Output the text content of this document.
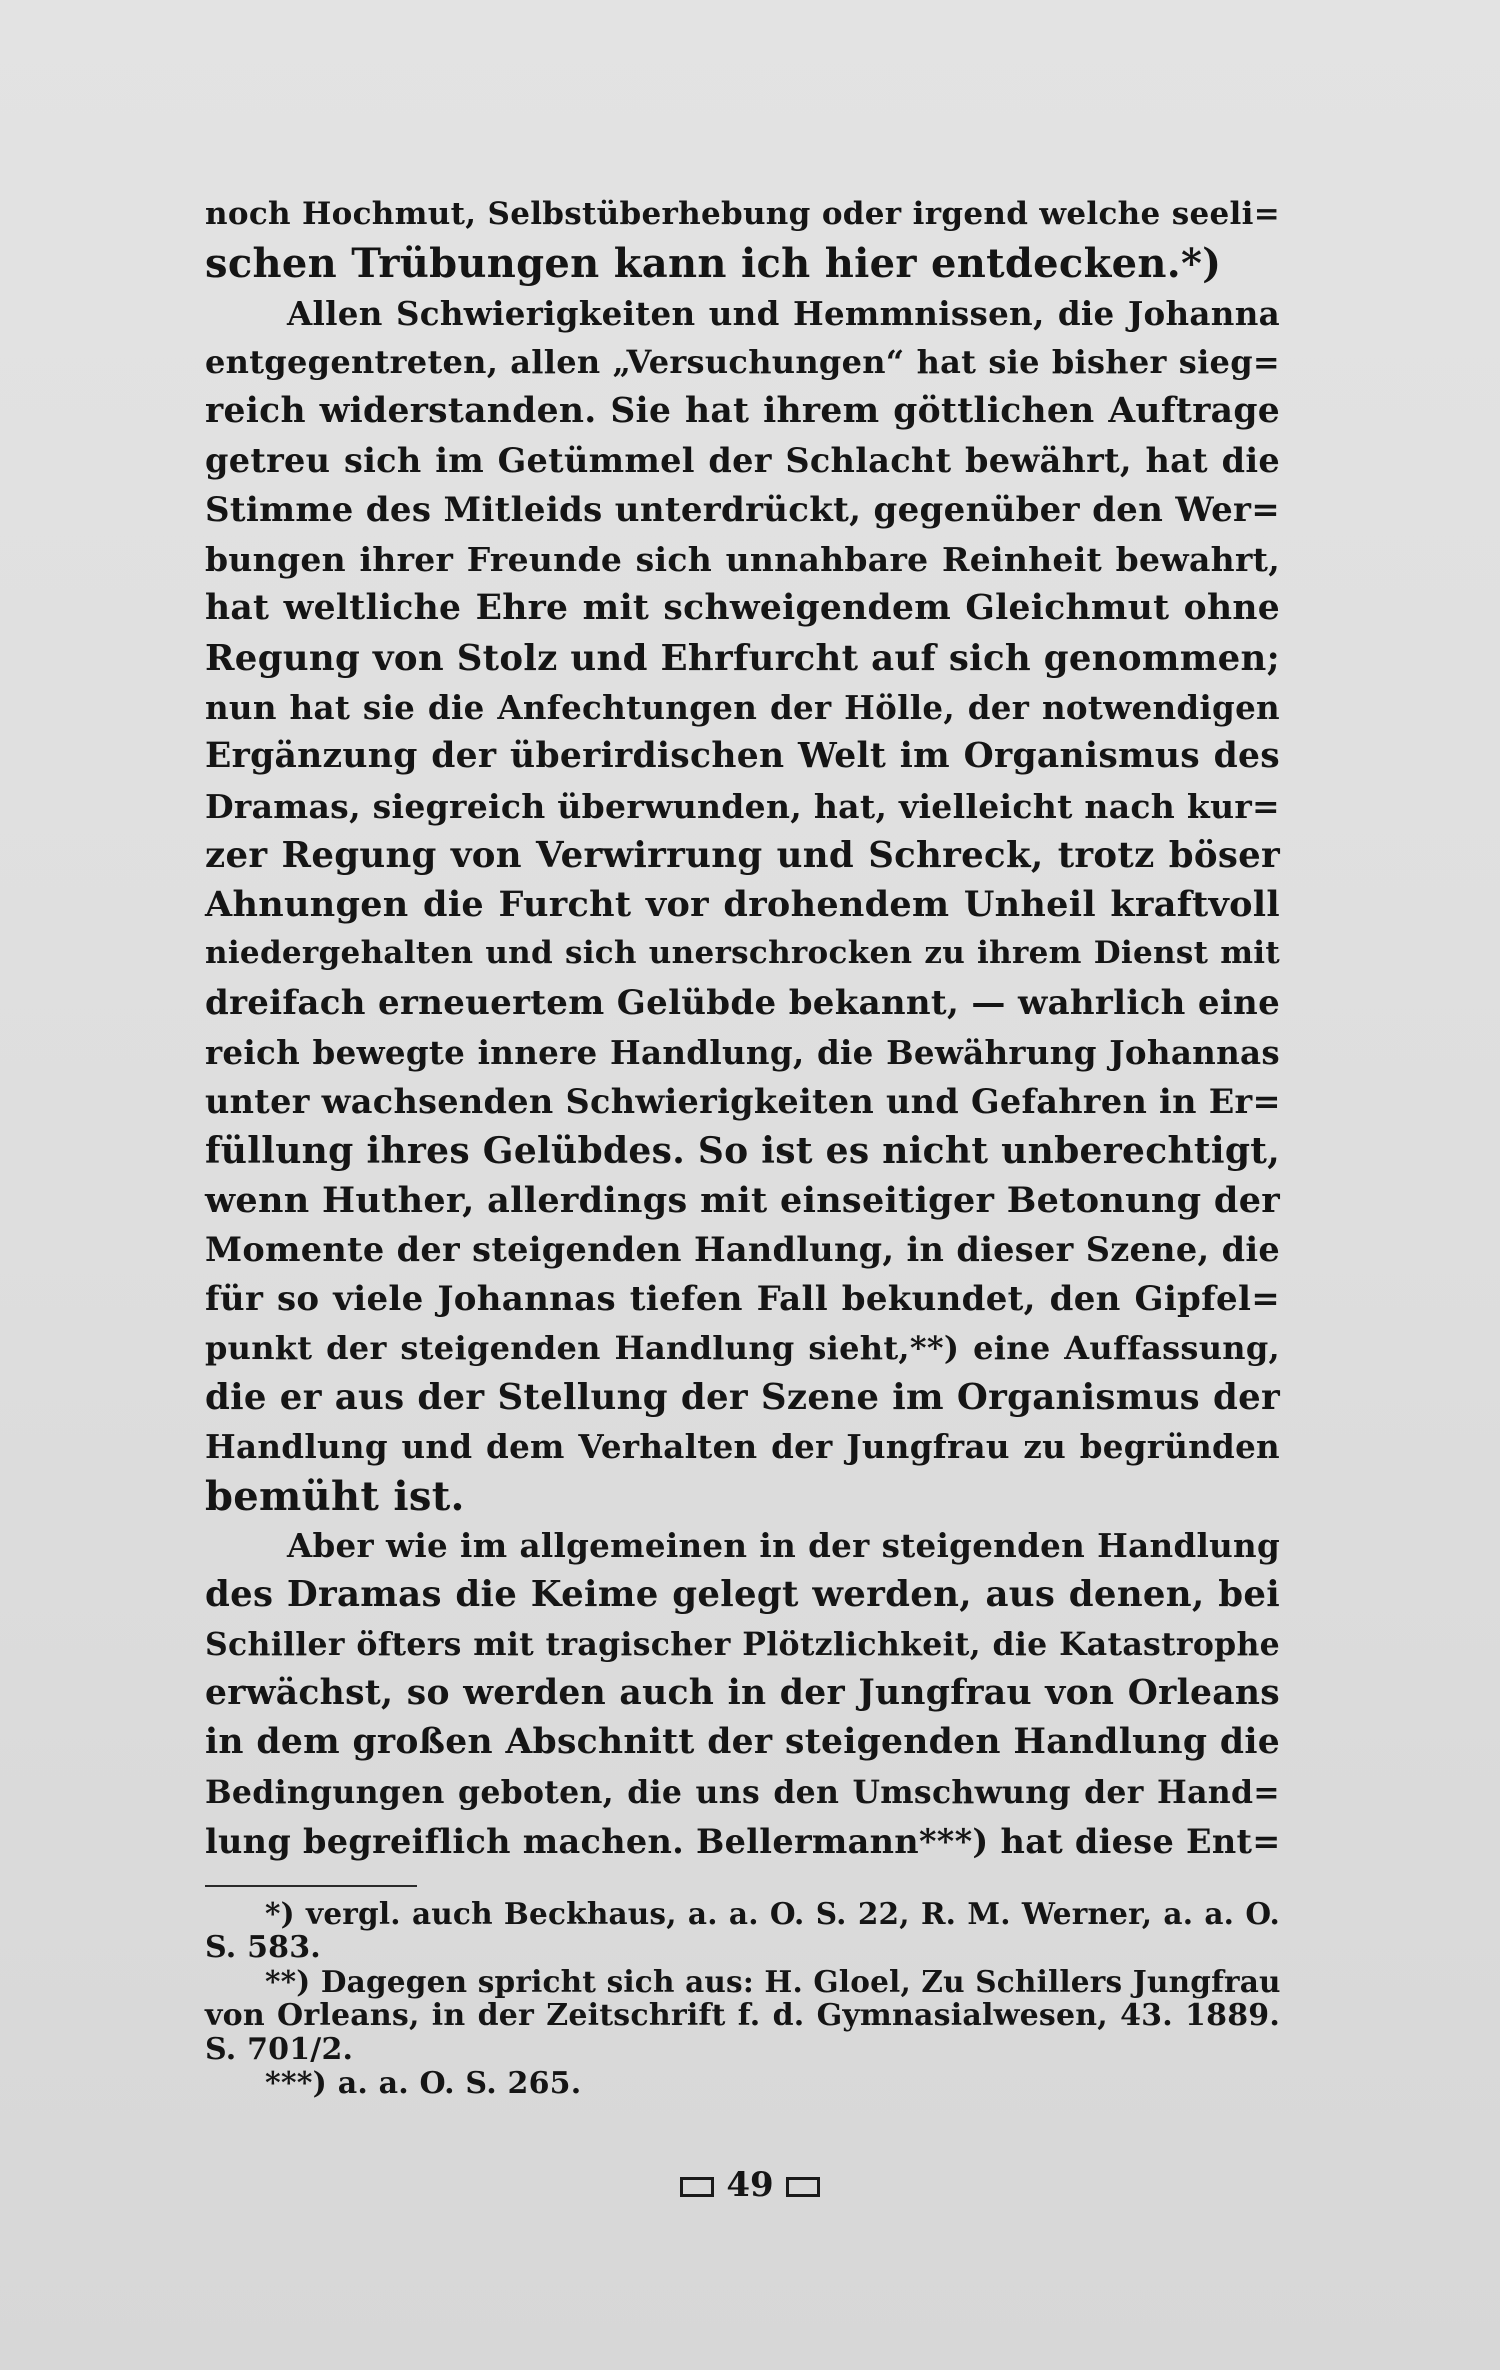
noch Hochmut, Selbstüberhebung oder irgend welche seeli=
schen Trübungen kann ich hier entdecken.*)
Allen Schwierigkeiten und Hemmnissen, die Johanna
entgegentreten, allen „Versuchungen“ hat sie bisher sieg=
reich widerstanden. Sie hat ihrem göttlichen Auftrage
getreu sich im Getümmel der Schlacht bewährt, hat die
Stimme des Mitleids unterdrückt, gegenüber den Wer=
bungen ihrer Freunde sich unnahbare Reinheit bewahrt,
hat weltliche Ehre mit schweigendem Gleichmut ohne
Regung von Stolz und Ehrfurcht auf sich genommen;
nun hat sie die Anfechtungen der Hölle, der notwendigen
Ergänzung der überirdischen Welt im Organismus des
Dramas, siegreich überwunden, hat, vielleicht nach kur=
zer Regung von Verwirrung und Schreck, trotz böser
Ahnungen die Furcht vor drohendem Unheil kraftvoll
niedergehalten und sich unerschrocken zu ihrem Dienst mit
dreifach erneuertem Gelübde bekannt, — wahrlich eine
reich bewegte innere Handlung, die Bewährung Johannas
unter wachsenden Schwierigkeiten und Gefahren in Er=
füllung ihres Gelübdes. So ist es nicht unberechtigt,
wenn Huther, allerdings mit einseitiger Betonung der
Momente der steigenden Handlung, in dieser Szene, die
für so viele Johannas tiefen Fall bekundet, den Gipfel=
punkt der steigenden Handlung sieht,**) eine Auffassung,
die er aus der Stellung der Szene im Organismus der
Handlung und dem Verhalten der Jungfrau zu begründen
bemüht ist.
Aber wie im allgemeinen in der steigenden Handlung
des Dramas die Keime gelegt werden, aus denen, bei
Schiller öfters mit tragischer Plötzlichkeit, die Katastrophe
erwächst, so werden auch in der Jungfrau von Orleans
in dem großen Abschnitt der steigenden Handlung die
Bedingungen geboten, die uns den Umschwung der Hand=
lung begreiflich machen. Bellermann***) hat diese Ent=
*) vergl. auch Beckhaus, a. a. O. S. 22, R. M. Werner, a. a. O.
S. 583.
**) Dagegen spricht sich aus: H. Gloel, Zu Schillers Jungfrau
von Orleans, in der Zeitschrift f. d. Gymnasialwesen, 43. 1889.
S. 701/2.
***) a. a. O. S. 265.
49
